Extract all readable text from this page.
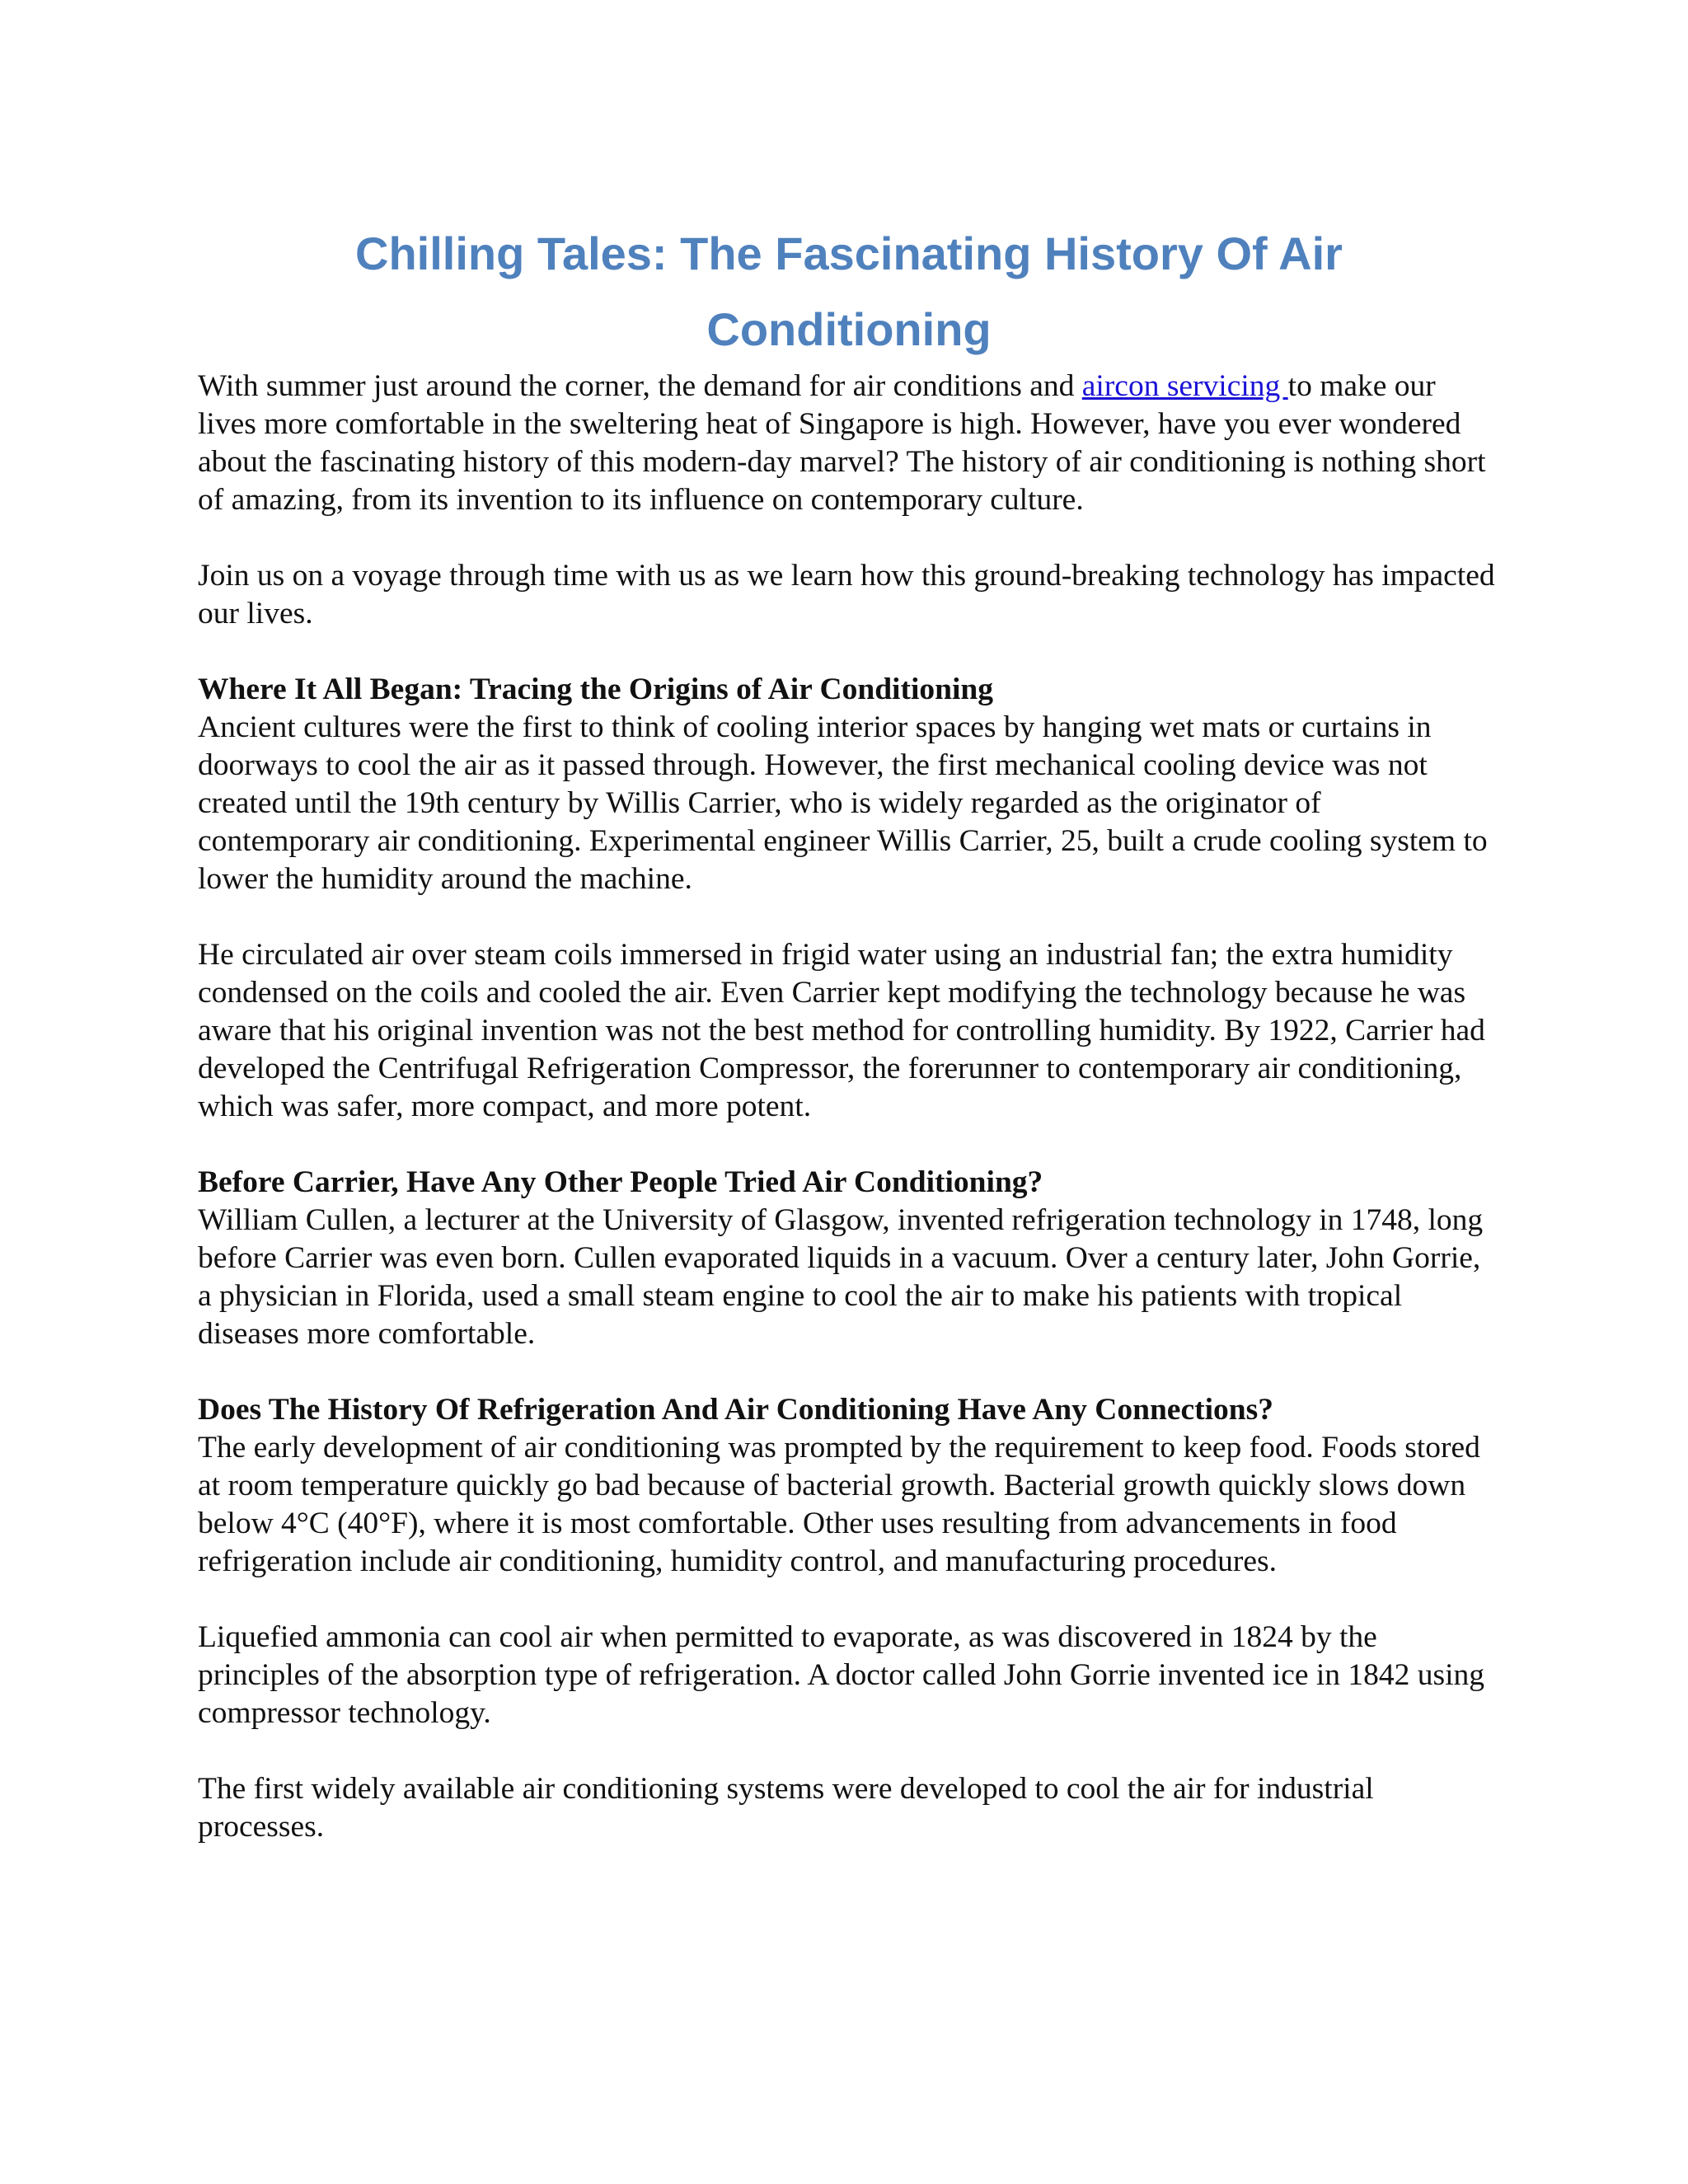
Chilling Tales: The Fascinating History Of Air Conditioning

With summer just around the corner, the demand for air conditions and aircon servicing to make our lives more comfortable in the sweltering heat of Singapore is high. However, have you ever wondered about the fascinating history of this modern-day marvel? The history of air conditioning is nothing short of amazing, from its invention to its influence on contemporary culture.

Join us on a voyage through time with us as we learn how this ground-breaking technology has impacted our lives.

Where It All Began: Tracing the Origins of Air Conditioning

Ancient cultures were the first to think of cooling interior spaces by hanging wet mats or curtains in doorways to cool the air as it passed through. However, the first mechanical cooling device was not created until the 19th century by Willis Carrier, who is widely regarded as the originator of contemporary air conditioning. Experimental engineer Willis Carrier, 25, built a crude cooling system to lower the humidity around the machine.

He circulated air over steam coils immersed in frigid water using an industrial fan; the extra humidity condensed on the coils and cooled the air. Even Carrier kept modifying the technology because he was aware that his original invention was not the best method for controlling humidity. By 1922, Carrier had developed the Centrifugal Refrigeration Compressor, the forerunner to contemporary air conditioning, which was safer, more compact, and more potent.

Before Carrier, Have Any Other People Tried Air Conditioning?

William Cullen, a lecturer at the University of Glasgow, invented refrigeration technology in 1748, long before Carrier was even born. Cullen evaporated liquids in a vacuum. Over a century later, John Gorrie, a physician in Florida, used a small steam engine to cool the air to make his patients with tropical diseases more comfortable.

Does The History Of Refrigeration And Air Conditioning Have Any Connections?

The early development of air conditioning was prompted by the requirement to keep food. Foods stored at room temperature quickly go bad because of bacterial growth. Bacterial growth quickly slows down below 4°C (40°F), where it is most comfortable. Other uses resulting from advancements in food refrigeration include air conditioning, humidity control, and manufacturing procedures.

Liquefied ammonia can cool air when permitted to evaporate, as was discovered in 1824 by the principles of the absorption type of refrigeration. A doctor called John Gorrie invented ice in 1842 using compressor technology.

The first widely available air conditioning systems were developed to cool the air for industrial processes.
